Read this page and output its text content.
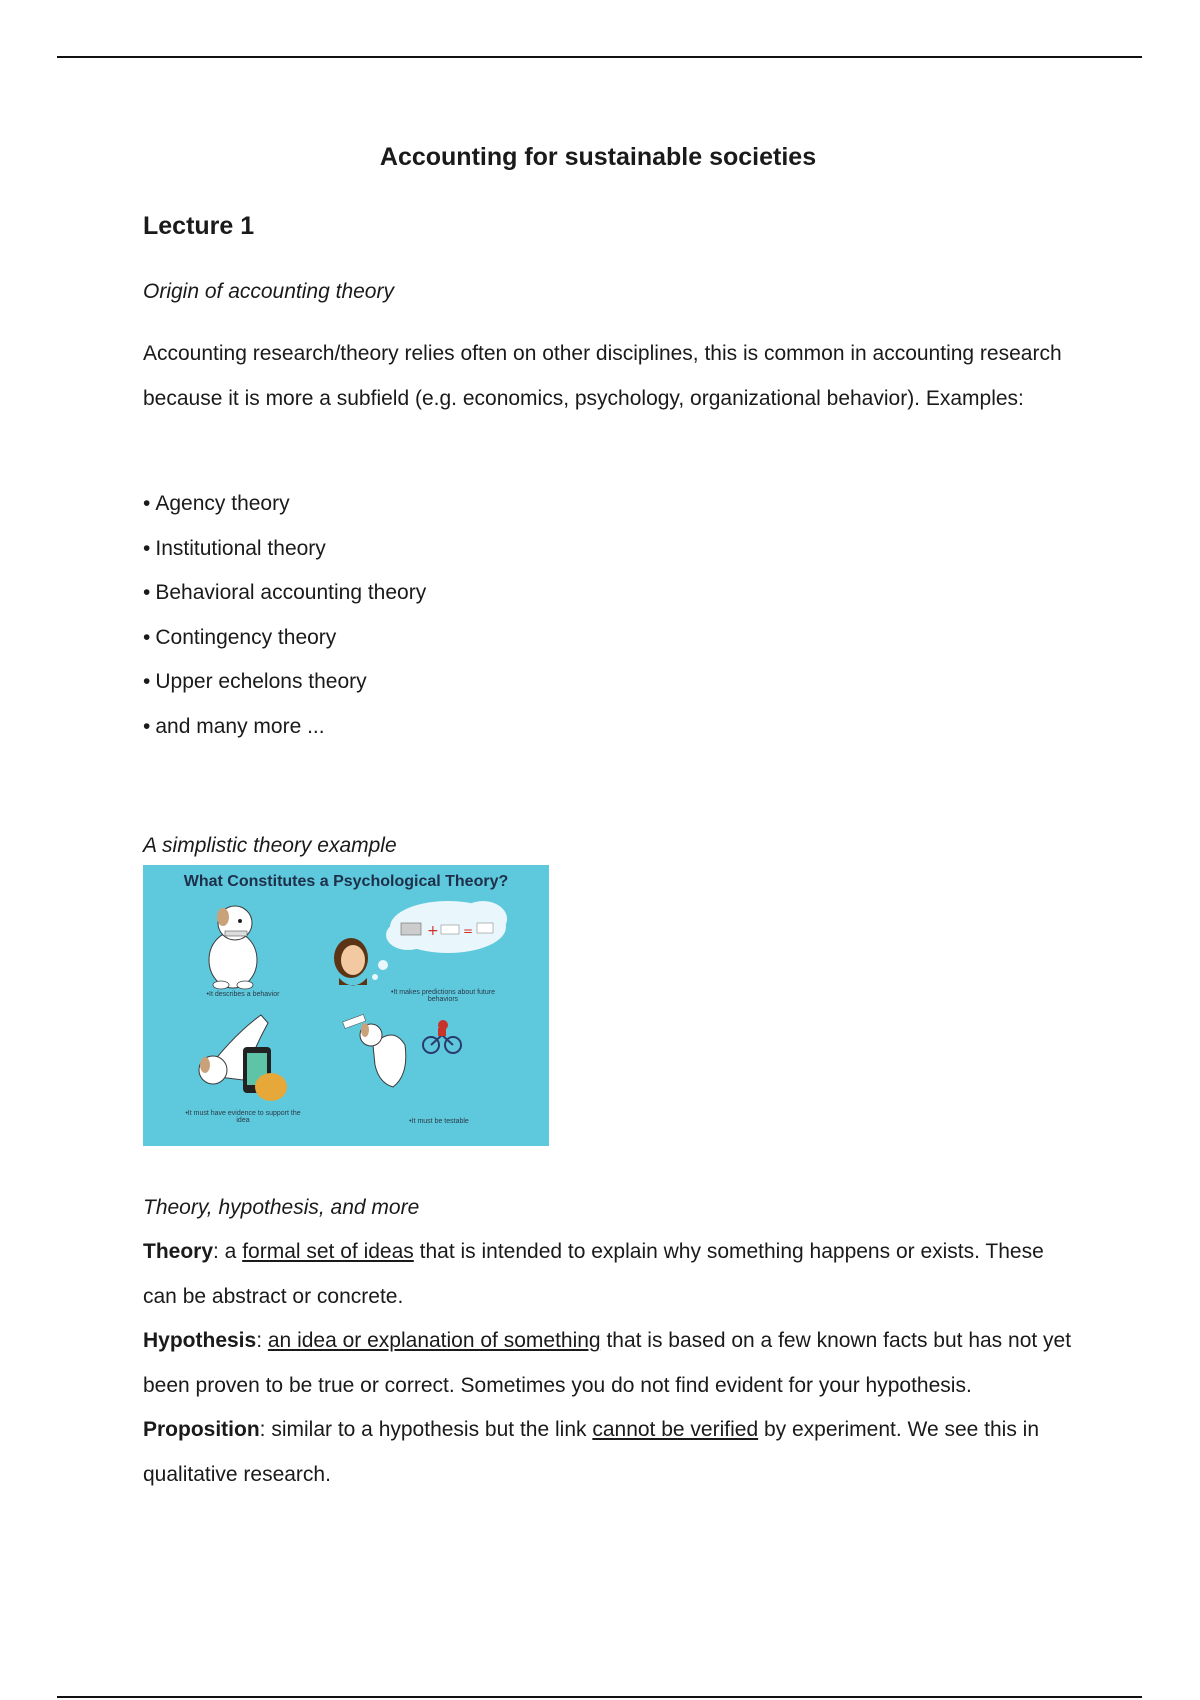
Accounting for sustainable societies
Lecture 1

Origin of accounting theory

Accounting research/theory relies often on other disciplines, this is common in accounting research because it is more a subfield (e.g. economics, psychology, organizational behavior). Examples:

• Agency theory
• Institutional theory
• Behavioral accounting theory
• Contingency theory
• Upper echelons theory
• and many more ...

A simplistic theory example

Theory, hypothesis, and more

Theory: a formal set of ideas that is intended to explain why something happens or exists. These can be abstract or concrete.

Hypothesis: an idea or explanation of something that is based on a few known facts but has not yet been proven to be true or correct. Sometimes you do not find evident for your hypothesis.

Proposition: similar to a hypothesis but the link cannot be verified by experiment. We see this in qualitative research.

What Constitutes a Psychological Theory?
+ =
•It describes a behavior	•It makes predictions about future behaviors
•It must have evidence to support the idea	•It must be testable
